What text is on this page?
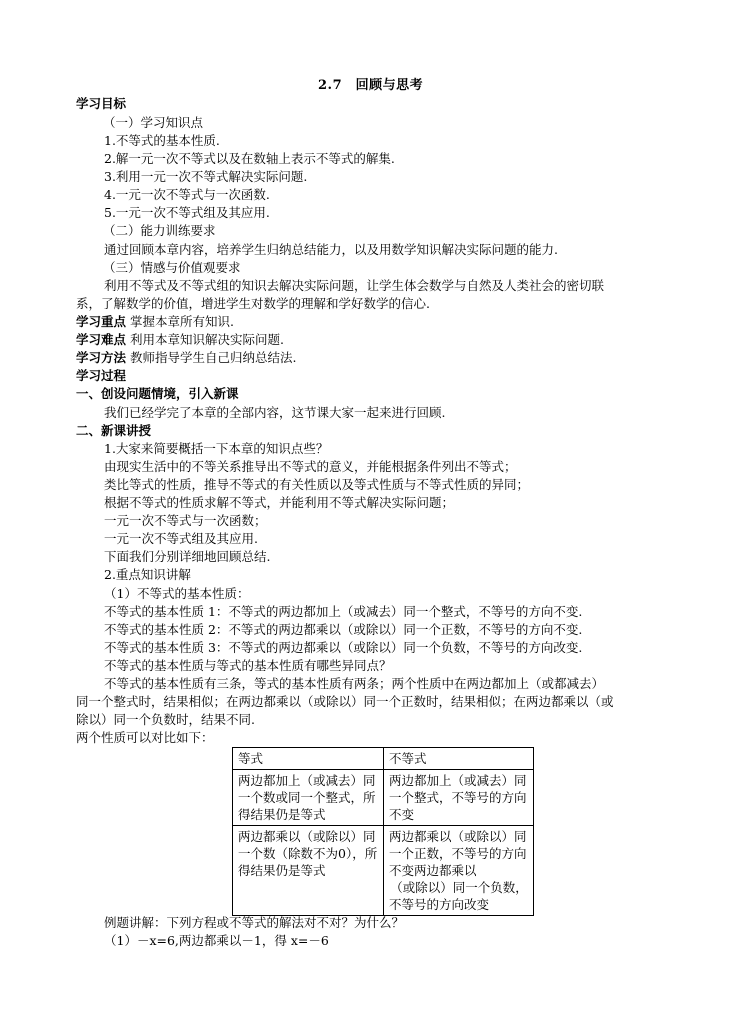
2.7　回顾与思考
学习目标
（一）学习知识点
1.不等式的基本性质.
2.解一元一次不等式以及在数轴上表示不等式的解集.
3.利用一元一次不等式解决实际问题.
4.一元一次不等式与一次函数.
5.一元一次不等式组及其应用.
（二）能力训练要求
通过回顾本章内容，培养学生归纳总结能力，以及用数学知识解决实际问题的能力.
（三）情感与价值观要求
利用不等式及不等式组的知识去解决实际问题，让学生体会数学与自然及人类社会的密切联
系，了解数学的价值，增进学生对数学的理解和学好数学的信心.
学习重点 掌握本章所有知识.
学习难点 利用本章知识解决实际问题.
学习方法 教师指导学生自己归纳总结法.
学习过程
一、创设问题情境，引入新课
我们已经学完了本章的全部内容，这节课大家一起来进行回顾.
二、新课讲授
1.大家来简要概括一下本章的知识点些？
由现实生活中的不等关系推导出不等式的意义，并能根据条件列出不等式；
类比等式的性质，推导不等式的有关性质以及等式性质与不等式性质的异同；
根据不等式的性质求解不等式，并能利用不等式解决实际问题；
一元一次不等式与一次函数；
一元一次不等式组及其应用.
下面我们分别详细地回顾总结.
2.重点知识讲解
（1）不等式的基本性质：
不等式的基本性质 1：不等式的两边都加上（或减去）同一个整式，不等号的方向不变.
不等式的基本性质 2：不等式的两边都乘以（或除以）同一个正数，不等号的方向不变.
不等式的基本性质 3：不等式的两边都乘以（或除以）同一个负数，不等号的方向改变.
不等式的基本性质与等式的基本性质有哪些异同点？
不等式的基本性质有三条，等式的基本性质有两条；两个性质中在两边都加上（或都减去）
同一个整式时，结果相似；在两边都乘以（或除以）同一个正数时，结果相似；在两边都乘以（或
除以）同一个负数时，结果不同.
两个性质可以对比如下：
等式	不等式
两边都加上（或减去）同一个数或同一个整式，所得结果仍是等式	两边都加上（或减去）同一个整式，不等号的方向不变
两边都乘以（或除以）同一个数（除数不为0），所得结果仍是等式	两边都乘以（或除以）同一个正数，不等号的方向不变两边都乘以
（或除以）同一个负数，
不等号的方向改变
例题讲解：下列方程或不等式的解法对不对？为什么？
（1）－x=6,两边都乘以－1，得 x=－6
